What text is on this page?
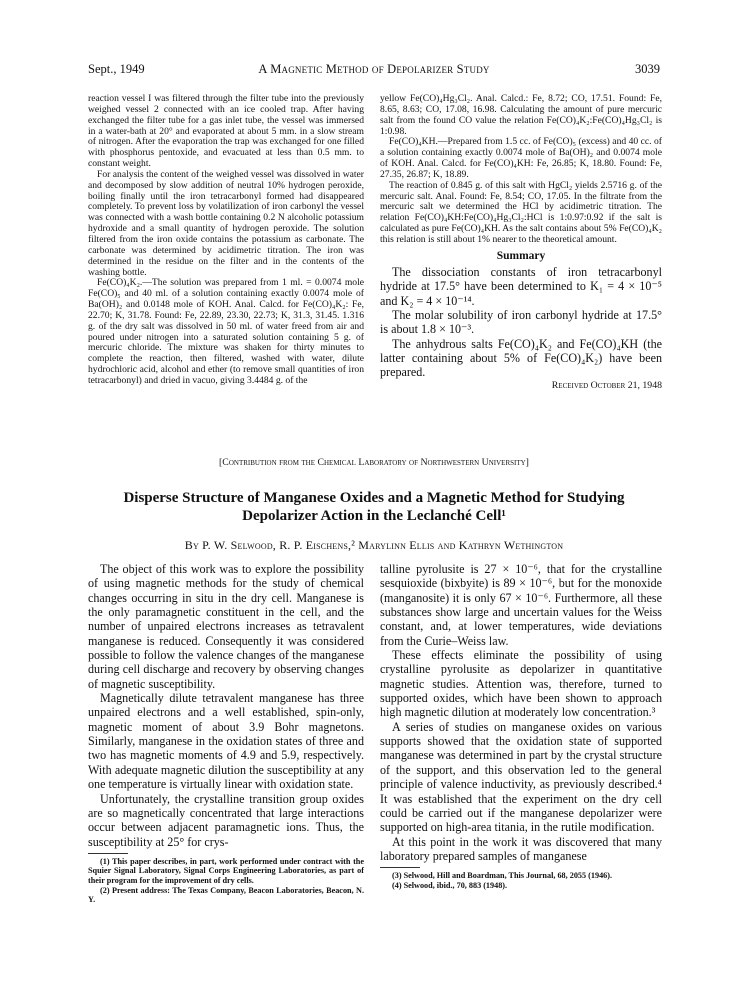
Sept., 1949	A Magnetic Method of Depolarizer Study	3039

reaction vessel I was filtered through the filter tube into the previously weighed vessel 2 connected with an ice cooled trap. After having exchanged the filter tube for a gas inlet tube, the vessel was immersed in a water-bath at 20° and evaporated at about 5 mm. in a slow stream of nitrogen. After the evaporation the trap was exchanged for one filled with phosphorus pentoxide, and evacuated at less than 0.5 mm. to constant weight.

For analysis the content of the weighed vessel was dissolved in water and decomposed by slow addition of neutral 10% hydrogen peroxide, boiling finally until the iron tetracarbonyl formed had disappeared completely. To prevent loss by volatilization of iron carbonyl the vessel was connected with a wash bottle containing 0.2 N alcoholic potassium hydroxide and a small quantity of hydrogen peroxide. The solution filtered from the iron oxide contains the potassium as carbonate. The carbonate was determined by acidimetric titration. The iron was determined in the residue on the filter and in the contents of the washing bottle.

Fe(CO)₄K₂.—The solution was prepared from 1 ml. = 0.0074 mole Fe(CO)₅ and 40 ml. of a solution containing exactly 0.0074 mole of Ba(OH)₂ and 0.0148 mole of KOH. Anal. Calcd. for Fe(CO)₄K₂: Fe, 22.70; K, 31.78. Found: Fe, 22.89, 23.30, 22.73; K, 31.3, 31.45. 1.316 g. of the dry salt was dissolved in 50 ml. of water freed from air and poured under nitrogen into a saturated solution containing 5 g. of mercuric chloride. The mixture was shaken for thirty minutes to complete the reaction, then filtered, washed with water, dilute hydrochloric acid, alcohol and ether (to remove small quantities of iron tetracarbonyl) and dried in vacuo, giving 3.4484 g. of the

yellow Fe(CO)₄Hg₃Cl₂. Anal. Calcd.: Fe, 8.72; CO, 17.51. Found: Fe, 8.65, 8.63; CO, 17.08, 16.98. Calculating the amount of pure mercuric salt from the found CO value the relation Fe(CO)₄K₂:Fe(CO)₄Hg₃Cl₂ is 1:0.98.

Fe(CO)₄KH.—Prepared from 1.5 cc. of Fe(CO)₅ (excess) and 40 cc. of a solution containing exactly 0.0074 mole of Ba(OH)₂ and 0.0074 mole of KOH. Anal. Calcd. for Fe(CO)₄KH: Fe, 26.85; K, 18.80. Found: Fe, 27.35, 26.87; K, 18.89.

The reaction of 0.845 g. of this salt with HgCl₂ yields 2.5716 g. of the mercuric salt. Anal. Found: Fe, 8.54; CO, 17.05. In the filtrate from the mercuric salt we determined the HCl by acidimetric titration. The relation Fe(CO)₄KH:Fe(CO)₄Hg₃Cl₂:HCl is 1:0.97:0.92 if the salt is calculated as pure Fe(CO)₄KH. As the salt contains about 5% Fe(CO)₄K₂ this relation is still about 1% nearer to the theoretical amount.

Summary

The dissociation constants of iron tetracarbonyl hydride at 17.5° have been determined to K₁ = 4 × 10⁻⁵ and K₂ = 4 × 10⁻¹⁴.

The molar solubility of iron carbonyl hydride at 17.5° is about 1.8 × 10⁻³.

The anhydrous salts Fe(CO)₄K₂ and Fe(CO)₄KH (the latter containing about 5% of Fe(CO)₄K₂) have been prepared.

Received October 21, 1948

[Contribution from the Chemical Laboratory of Northwestern University]
Disperse Structure of Manganese Oxides and a Magnetic Method for Studying
Depolarizer Action in the Leclanché Cell¹
By P. W. Selwood, R. P. Eischens,² Marylinn Ellis and Kathryn Wethington

The object of this work was to explore the possibility of using magnetic methods for the study of chemical changes occurring in situ in the dry cell. Manganese is the only paramagnetic constituent in the cell, and the number of unpaired electrons increases as tetravalent manganese is reduced. Consequently it was considered possible to follow the valence changes of the manganese during cell discharge and recovery by observing changes of magnetic susceptibility.

Magnetically dilute tetravalent manganese has three unpaired electrons and a well established, spin-only, magnetic moment of about 3.9 Bohr magnetons. Similarly, manganese in the oxidation states of three and two has magnetic moments of 4.9 and 5.9, respectively. With adequate magnetic dilution the susceptibility at any one temperature is virtually linear with oxidation state.

Unfortunately, the crystalline transition group oxides are so magnetically concentrated that large interactions occur between adjacent paramagnetic ions. Thus, the susceptibility at 25° for crys-

(1) This paper describes, in part, work performed under contract with the Squier Signal Laboratory, Signal Corps Engineering Laboratories, as part of their program for the improvement of dry cells.

(2) Present address: The Texas Company, Beacon Laboratories, Beacon, N. Y.

talline pyrolusite is 27 × 10⁻⁶, that for the crystalline sesquioxide (bixbyite) is 89 × 10⁻⁶, but for the monoxide (manganosite) it is only 67 × 10⁻⁶. Furthermore, all these substances show large and uncertain values for the Weiss constant, and, at lower temperatures, wide deviations from the Curie–Weiss law.

These effects eliminate the possibility of using crystalline pyrolusite as depolarizer in quantitative magnetic studies. Attention was, therefore, turned to supported oxides, which have been shown to approach high magnetic dilution at moderately low concentration.³

A series of studies on manganese oxides on various supports showed that the oxidation state of supported manganese was determined in part by the crystal structure of the support, and this observation led to the general principle of valence inductivity, as previously described.⁴ It was established that the experiment on the dry cell could be carried out if the manganese depolarizer were supported on high-area titania, in the rutile modification.

At this point in the work it was discovered that many laboratory prepared samples of manganese

(3) Selwood, Hill and Boardman, This Journal, 68, 2055 (1946).

(4) Selwood, ibid., 70, 883 (1948).
